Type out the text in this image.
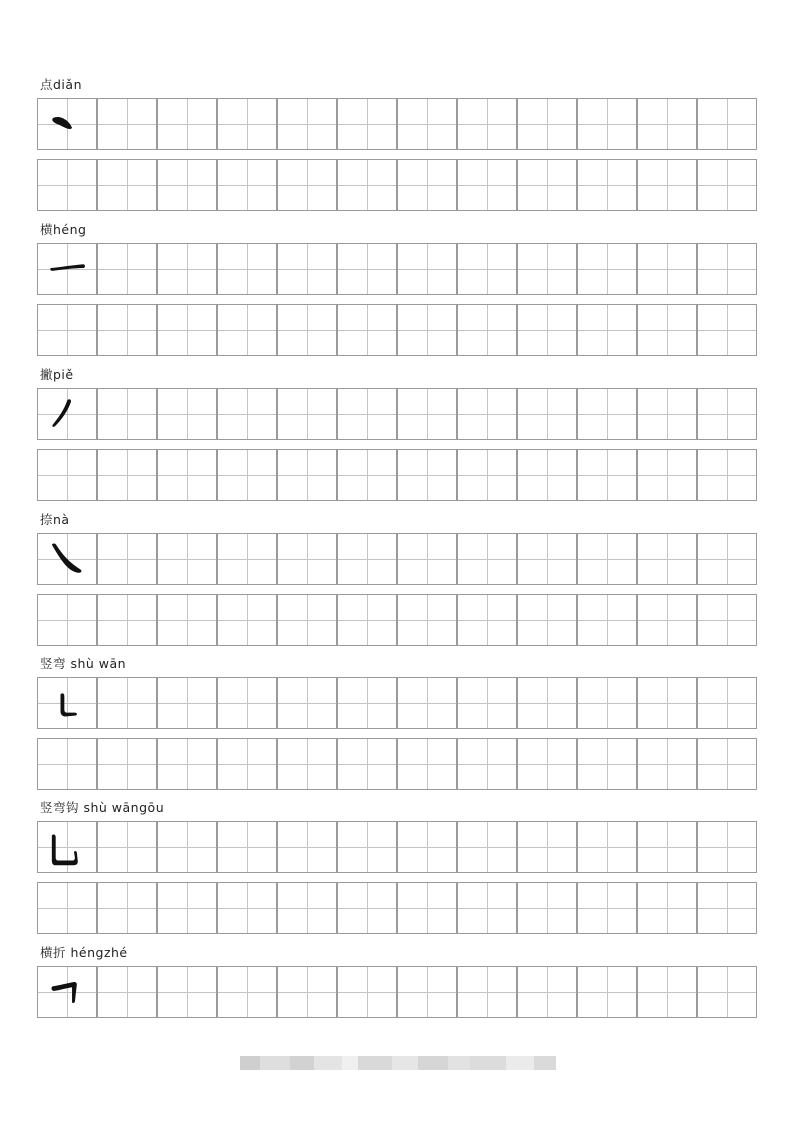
点diǎn
横héng
撇piě
捺nà
竖弯 shù wān
竖弯钩 shù wāngōu
横折 héngzhé
